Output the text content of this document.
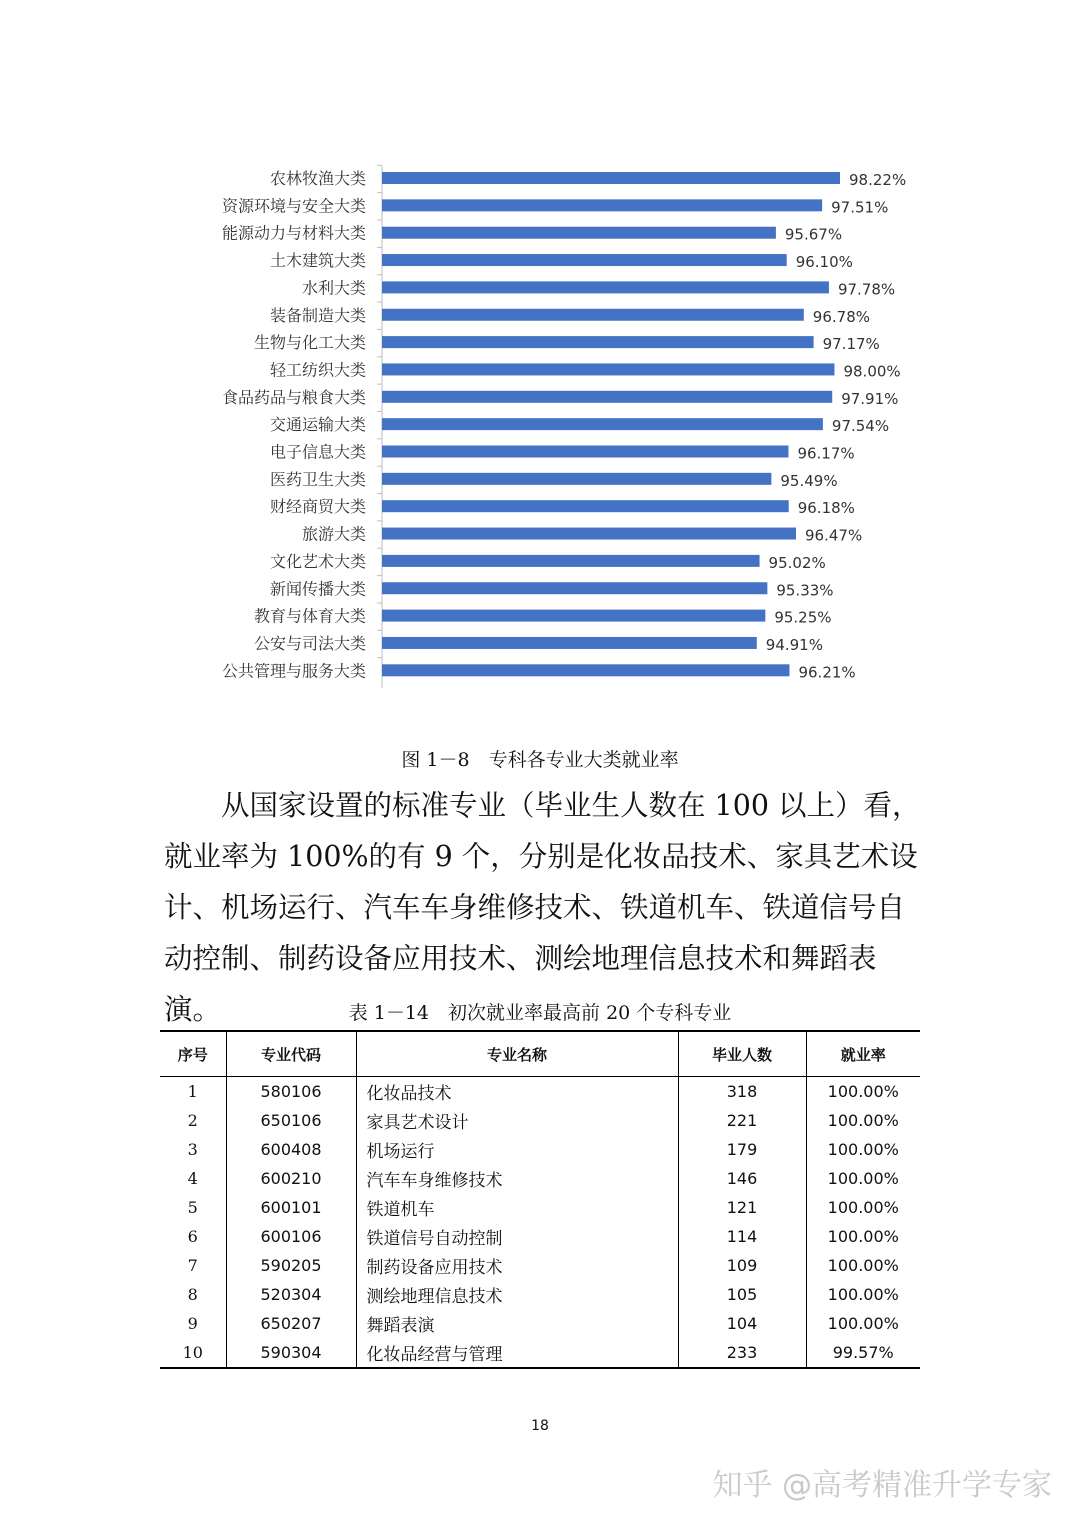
农林牧渔大类	98.22%
资源环境与安全大类	97.51%
能源动力与材料大类	95.67%
土木建筑大类	96.10%
水利大类	97.78%
装备制造大类	96.78%
生物与化工大类	97.17%
轻工纺织大类	98.00%
食品药品与粮食大类	97.91%
交通运输大类	97.54%
电子信息大类	96.17%
医药卫生大类	95.49%
财经商贸大类	96.18%
旅游大类	96.47%
文化艺术大类	95.02%
新闻传播大类	95.33%
教育与体育大类	95.25%
公安与司法大类	94.91%
公共管理与服务大类	96.21%
图 1－8　专科各专业大类就业率

从国家设置的标准专业（毕业生人数在 100 以上）看，就业率为 100%的有 9 个，分别是化妆品技术、家具艺术设计、机场运行、汽车车身维修技术、铁道机车、铁道信号自动控制、制药设备应用技术、测绘地理信息技术和舞蹈表演。	表 1－14　初次就业率最高前 20 个专科专业
序号	专业代码	专业名称	毕业人数	就业率
1	580106	化妆品技术	318	100.00%
2	650106	家具艺术设计	221	100.00%
3	600408	机场运行	179	100.00%
4	600210	汽车车身维修技术	146	100.00%
5	600101	铁道机车	121	100.00%
6	600106	铁道信号自动控制	114	100.00%
7	590205	制药设备应用技术	109	100.00%
8	520304	测绘地理信息技术	105	100.00%
9	650207	舞蹈表演	104	100.00%
10	590304	化妆品经营与管理	233	99.57%
18
知乎 @高考精准升学专家
